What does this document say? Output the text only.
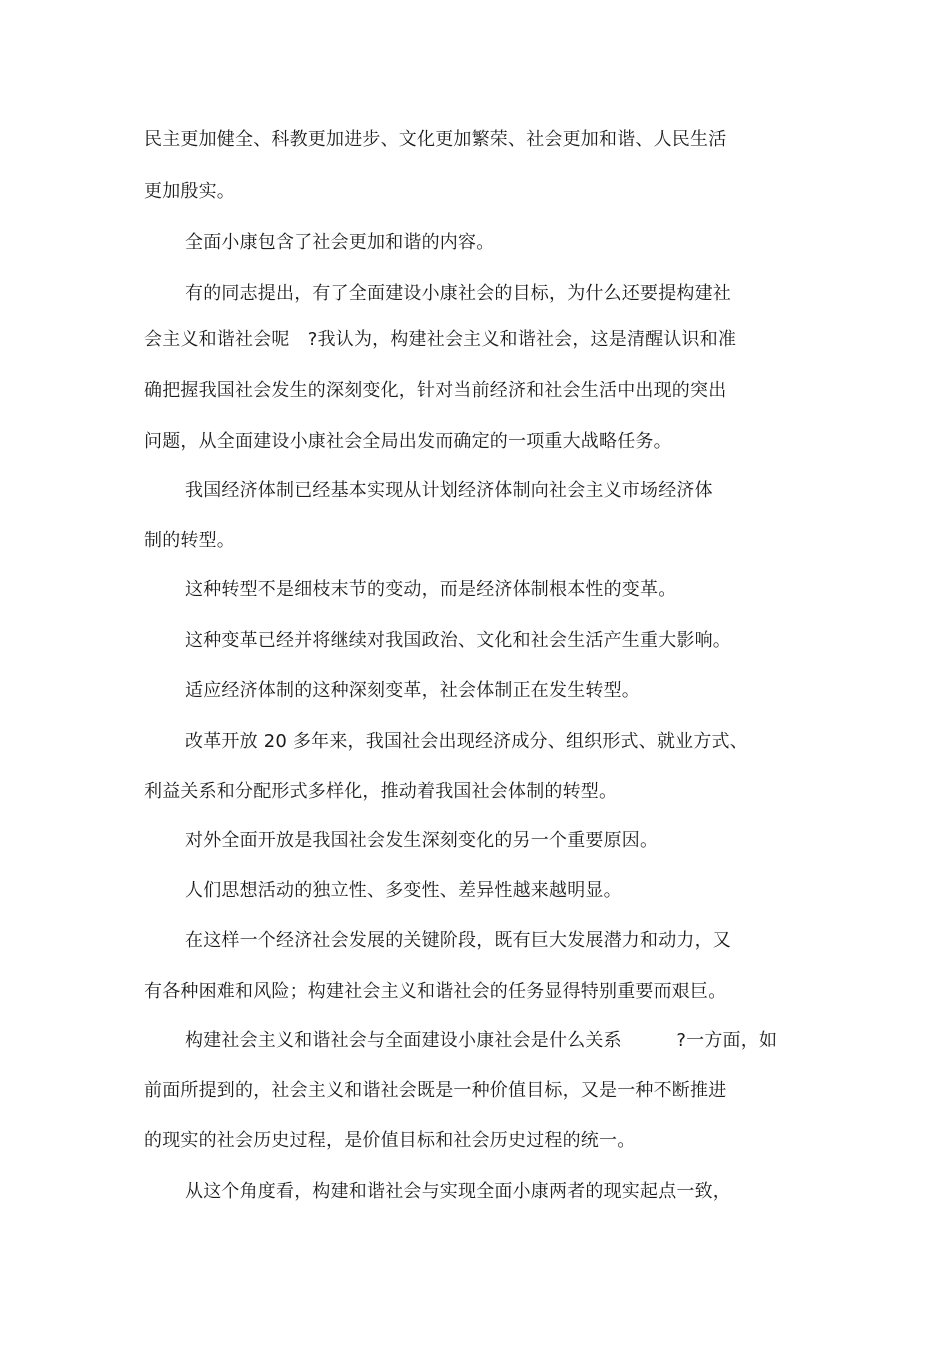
民主更加健全、科教更加进步、文化更加繁荣、社会更加和谐、人民生活
更加殷实。
全面小康包含了社会更加和谐的内容。
有的同志提出，有了全面建设小康社会的目标，为什么还要提构建社
会主义和谐社会呢　?我认为，构建社会主义和谐社会，这是清醒认识和准
确把握我国社会发生的深刻变化，针对当前经济和社会生活中出现的突出
问题，从全面建设小康社会全局出发而确定的一项重大战略任务。
我国经济体制已经基本实现从计划经济体制向社会主义市场经济体
制的转型。
这种转型不是细枝末节的变动，而是经济体制根本性的变革。
这种变革已经并将继续对我国政治、文化和社会生活产生重大影响。
适应经济体制的这种深刻变革，社会体制正在发生转型。
改革开放 20 多年来，我国社会出现经济成分、组织形式、就业方式、
利益关系和分配形式多样化，推动着我国社会体制的转型。
对外全面开放是我国社会发生深刻变化的另一个重要原因。
人们思想活动的独立性、多变性、差异性越来越明显。
在这样一个经济社会发展的关键阶段，既有巨大发展潜力和动力，又
有各种困难和风险；构建社会主义和谐社会的任务显得特别重要而艰巨。
构建社会主义和谐社会与全面建设小康社会是什么关系　　　?一方面，如
前面所提到的，社会主义和谐社会既是一种价值目标，又是一种不断推进
的现实的社会历史过程，是价值目标和社会历史过程的统一。
从这个角度看，构建和谐社会与实现全面小康两者的现实起点一致，
